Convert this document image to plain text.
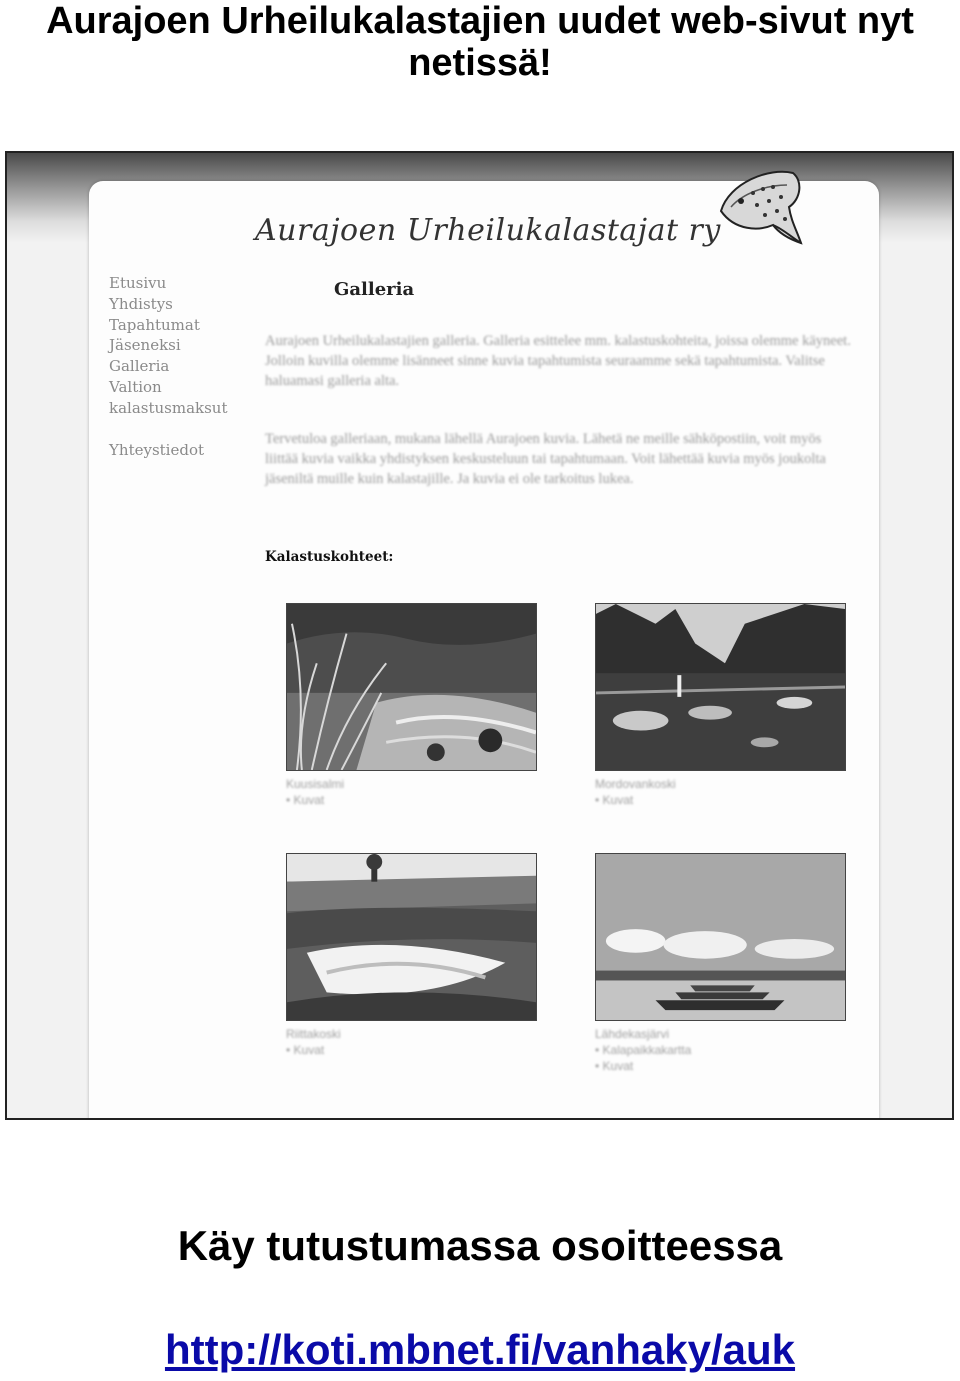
Aurajoen Urheilukalastajien uudet web-sivut nyt
netissä!
Aurajoen Urheilukalastajat ry
Etusivu
Yhdistys
Tapahtumat
Jäseneksi
Galleria
Valtion kalastusmaksut
Yhteystiedot
Galleria

Aurajoen Urheilukalastajien galleria. Galleria esittelee mm. kalastuskohteita, joissa olemme käyneet. Jolloin kuvilla olemme lisänneet sinne kuvia tapahtumista seuraamme sekä tapahtumista. Valitse haluamasi galleria alta.

Tervetuloa galleriaan, mukana lähellä Aurajoen kuvia. Lähetä ne meille sähköpostiin, voit myös liittää kuvia vaikka yhdistyksen keskusteluun tai tapahtumaan. Voit lähettää kuvia myös joukolta jäseniltä muille kuin kalastajille. Ja kuvia ei ole tarkoitus lukea.

Kalastuskohteet:
Kuusisalmi
• Kuvat
Mordovankoski
• Kuvat
Riittakoski
• Kuvat
Lähdekasjärvi
• Kalapaikkakartta
• Kuvat

Käy tutustumassa osoitteessa

http://koti.mbnet.fi/vanhaky/auk
